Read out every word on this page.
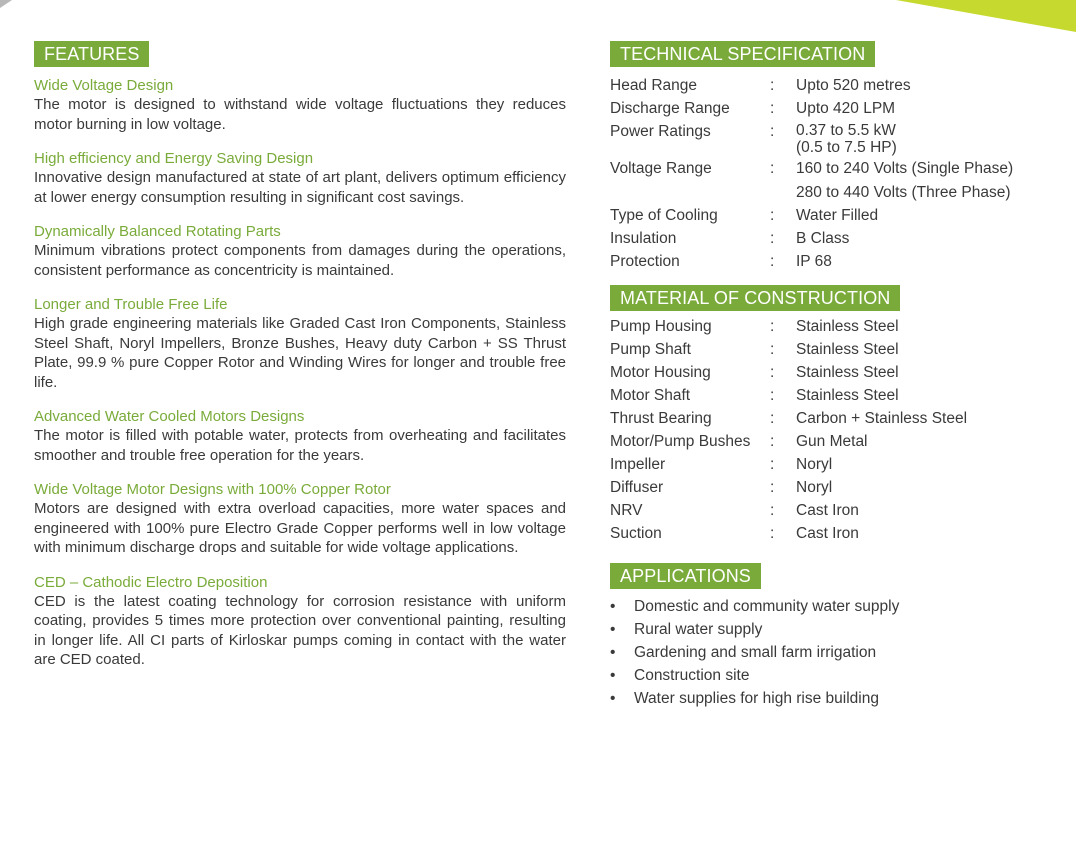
FEATURES
Wide Voltage Design
The motor is designed to withstand wide voltage fluctuations they reduces motor burning in low voltage.
High efficiency and Energy Saving Design
Innovative design manufactured at state of art plant, delivers optimum efficiency at lower energy consumption resulting in significant cost savings.
Dynamically Balanced Rotating Parts
Minimum vibrations protect components from damages during the operations, consistent performance as concentricity is maintained.
Longer and Trouble Free Life
High grade engineering materials like Graded Cast Iron Components, Stainless Steel Shaft, Noryl Impellers, Bronze Bushes, Heavy duty Carbon + SS Thrust Plate, 99.9 % pure Copper Rotor and Winding Wires for longer and trouble free life.
Advanced Water Cooled Motors Designs
The motor is filled with potable water, protects from overheating and facilitates smoother and trouble free operation for the years.
Wide Voltage Motor Designs with 100% Copper Rotor
Motors are designed with extra overload capacities, more water spaces and engineered with 100% pure Electro Grade Copper performs well in low voltage with minimum discharge drops and suitable for wide voltage applications.
CED – Cathodic Electro Deposition
CED is the latest coating technology for corrosion resistance with uniform coating, provides 5 times more protection over conventional painting, resulting in longer life. All CI parts of Kirloskar pumps coming in contact with the water are CED coated.
TECHNICAL SPECIFICATION
Head Range	:	Upto 520 metres
Discharge Range	:	Upto 420 LPM
Power Ratings	:	0.37 to 5.5 kW
(0.5 to 7.5 HP)
Voltage Range	:	160 to 240 Volts (Single Phase)
280 to 440 Volts (Three Phase)
Type of Cooling	:	Water Filled
Insulation	:	B Class
Protection	:	IP 68
MATERIAL OF CONSTRUCTION
Pump Housing	:	Stainless Steel
Pump Shaft	:	Stainless Steel
Motor Housing	:	Stainless Steel
Motor Shaft	:	Stainless Steel
Thrust Bearing	:	Carbon + Stainless Steel
Motor/Pump Bushes	:	Gun Metal
Impeller	:	Noryl
Diffuser	:	Noryl
NRV	:	Cast Iron
Suction	:	Cast Iron
APPLICATIONS
•	Domestic and community water supply
•	Rural water supply
•	Gardening and small farm irrigation
•	Construction site
•	Water supplies for high rise building
